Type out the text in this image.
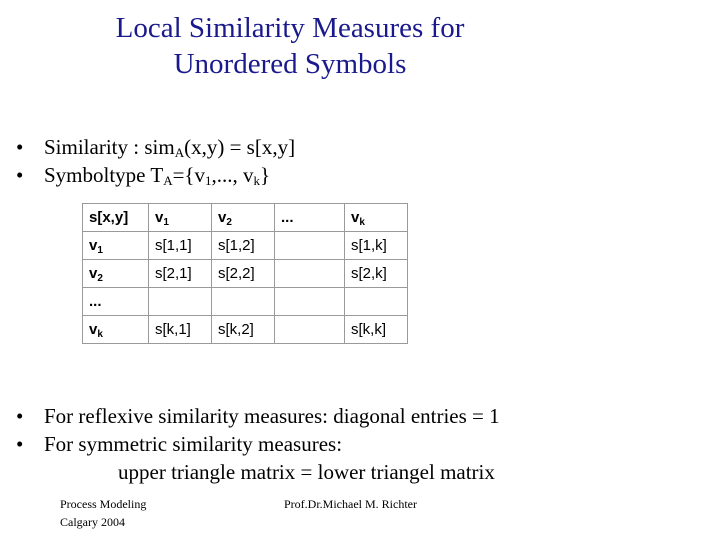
Local Similarity Measures for
Unordered Symbols
• Similarity : sim$_A$(x,y) = s[x,y]
• Symboltype $T_A=\{v_1$,..., $v_k$}
s[x,y]	$v_1$	$v_2$	...	$v_k$
$v_1$	s[1,1]	s[1,2]		s[1,k]
$v_2$	s[2,1]	s[2,2]		s[2,k]
...				
$v_k$	s[k,1]	s[k,2]		s[k,k]
• For reflexive similarity measures: diagonal entries = 1
• For symmetric similarity measures:
upper triangle matrix = lower triangel matrix
Process Modeling
Calgary 2004
Prof.Dr.Michael M. Richter
